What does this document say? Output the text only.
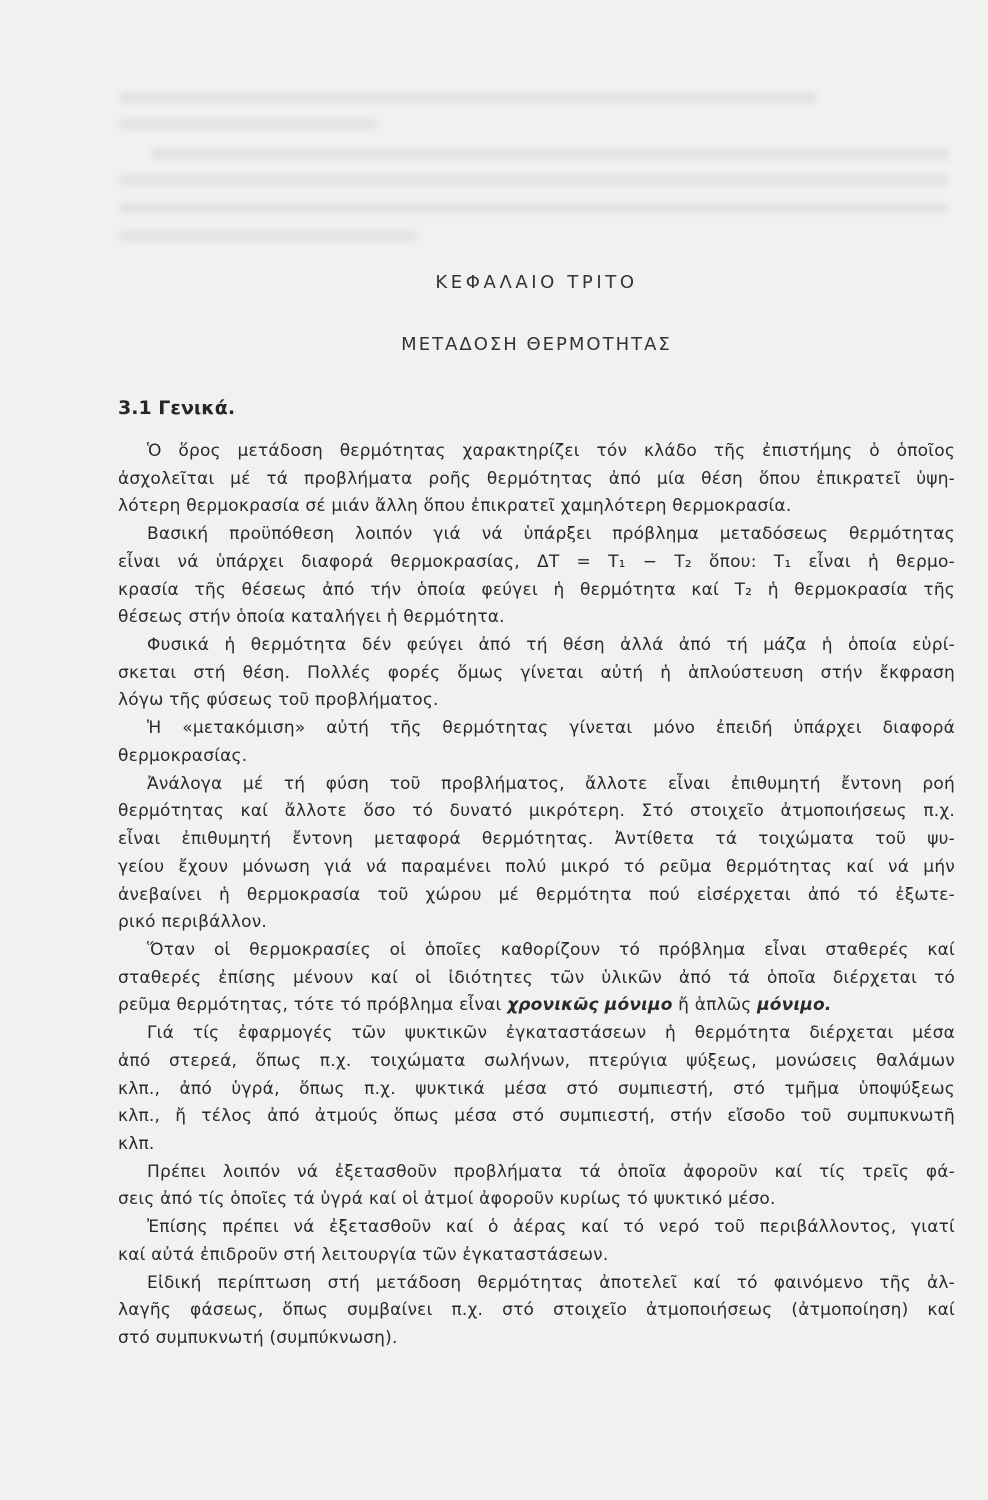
ΚΕΦΑΛΑΙΟ ΤΡΙΤΟ
ΜΕΤΑΔΟΣΗ ΘΕΡΜΟΤΗΤΑΣ
3.1 Γενικά.
Ὁ ὅρος μετάδοση θερμότητας χαρακτηρίζει τόν κλάδο τῆς ἐπιστήμης ὁ ὁποῖος
ἀσχολεῖται μέ τά προβλήματα ροῆς θερμότητας ἀπό μία θέση ὅπου ἐπικρατεῖ ὑψη-
λότερη θερμοκρασία σέ μιάν ἄλλη ὅπου ἐπικρατεῖ χαμηλότερη θερμοκρασία.
Βασική προϋπόθεση λοιπόν γιά νά ὑπάρξει πρόβλημα μεταδόσεως θερμότητας
εἶναι νά ὑπάρχει διαφορά θερμοκρασίας, ΔΤ = Τ₁ − Τ₂ ὅπου: Τ₁ εἶναι ἡ θερμο-
κρασία τῆς θέσεως ἀπό τήν ὁποία φεύγει ἡ θερμότητα καί Τ₂ ἡ θερμοκρασία τῆς
θέσεως στήν ὁποία καταλήγει ἡ θερμότητα.
Φυσικά ἡ θερμότητα δέν φεύγει ἀπό τή θέση ἀλλά ἀπό τή μάζα ἡ ὁποία εὑρί-
σκεται στή θέση. Πολλές φορές ὅμως γίνεται αὐτή ἡ ἁπλούστευση στήν ἔκφραση
λόγω τῆς φύσεως τοῦ προβλήματος.
Ἡ «μετακόμιση» αὐτή τῆς θερμότητας γίνεται μόνο ἐπειδή ὑπάρχει διαφορά
θερμοκρασίας.
Ἀνάλογα μέ τή φύση τοῦ προβλήματος, ἄλλοτε εἶναι ἐπιθυμητή ἔντονη ροή
θερμότητας καί ἄλλοτε ὅσο τό δυνατό μικρότερη. Στό στοιχεῖο ἀτμοποιήσεως π.χ.
εἶναι ἐπιθυμητή ἔντονη μεταφορά θερμότητας. Ἀντίθετα τά τοιχώματα τοῦ ψυ-
γείου ἔχουν μόνωση γιά νά παραμένει πολύ μικρό τό ρεῦμα θερμότητας καί νά μήν
ἀνεβαίνει ἡ θερμοκρασία τοῦ χώρου μέ θερμότητα πού εἰσέρχεται ἀπό τό ἐξωτε-
ρικό περιβάλλον.
Ὅταν οἱ θερμοκρασίες οἱ ὁποῖες καθορίζουν τό πρόβλημα εἶναι σταθερές καί
σταθερές ἐπίσης μένουν καί οἱ ἰδιότητες τῶν ὑλικῶν ἀπό τά ὁποῖα διέρχεται τό
ρεῦμα θερμότητας, τότε τό πρόβλημα εἶναι χρονικῶς μόνιμο ἤ ἁπλῶς μόνιμο.
Γιά τίς ἐφαρμογές τῶν ψυκτικῶν ἐγκαταστάσεων ἡ θερμότητα διέρχεται μέσα
ἀπό στερεά, ὅπως π.χ. τοιχώματα σωλήνων, πτερύγια ψύξεως, μονώσεις θαλάμων
κλπ., ἀπό ὑγρά, ὅπως π.χ. ψυκτικά μέσα στό συμπιεστή, στό τμῆμα ὑποψύξεως
κλπ., ἤ τέλος ἀπό ἀτμούς ὅπως μέσα στό συμπιεστή, στήν εἴσοδο τοῦ συμπυκνωτῆ
κλπ.
Πρέπει λοιπόν νά ἐξετασθοῦν προβλήματα τά ὁποῖα ἀφοροῦν καί τίς τρεῖς φά-
σεις ἀπό τίς ὁποῖες τά ὑγρά καί οἱ ἀτμοί ἀφοροῦν κυρίως τό ψυκτικό μέσο.
Ἐπίσης πρέπει νά ἐξετασθοῦν καί ὁ ἀέρας καί τό νερό τοῦ περιβάλλοντος, γιατί
καί αὐτά ἐπιδροῦν στή λειτουργία τῶν ἐγκαταστάσεων.
Εἰδική περίπτωση στή μετάδοση θερμότητας ἀποτελεῖ καί τό φαινόμενο τῆς ἀλ-
λαγῆς φάσεως, ὅπως συμβαίνει π.χ. στό στοιχεῖο ἀτμοποιήσεως (ἀτμοποίηση) καί
στό συμπυκνωτή (συμπύκνωση).
